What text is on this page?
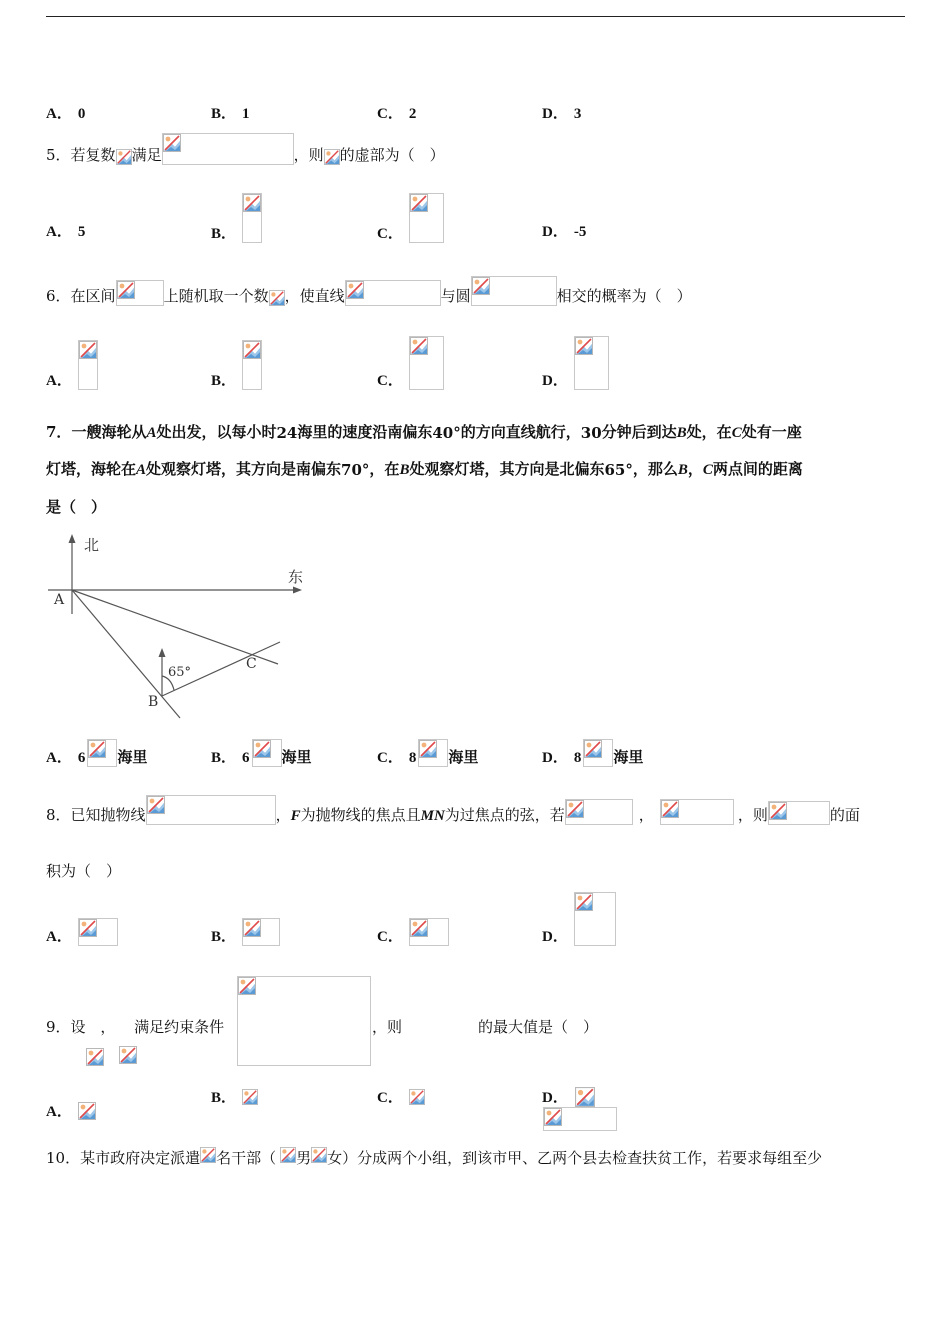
A． 0	B． 1	C． 2	D． 3
5． 若复数 满足	，则 的虚部为（　）
A． 5	B．	C．	D． -5
6． 在区间	上随机取一个数 ，使直线	与圆	相交的概率为（　）
A．	B．	C．	D．
7． 一艘海轮从 A 处出发，以每小时 24 海里的速度沿南偏东 40° 的方向直线航行， 30 分钟后到达 B 处，在 C 处有一座
灯塔，海轮在 A 处观察灯塔，其方向是南偏东 70° ，在 B 处观察灯塔，其方向是北偏东 65° ，那么 B ， C 两点间的距离
是（　）
北
东
A
B
C
65°
A． 6 海里	B． 6 海里	C． 8 海里	D． 8 海里
8． 已知抛物线	， F 为抛物线的焦点且 MN 为过焦点的弦，若	，	，则	的面
积为（　）
A．	B．	C．	D．
9．设 ， 满足约束条件
	，则	的最大值是（　）
A．
B．	C．	D．
10． 某市政府决定派遣 名干部（ 男 女）分成两个小组，到该市甲、乙两个县去检查扶贫工作，若要求每组至少
